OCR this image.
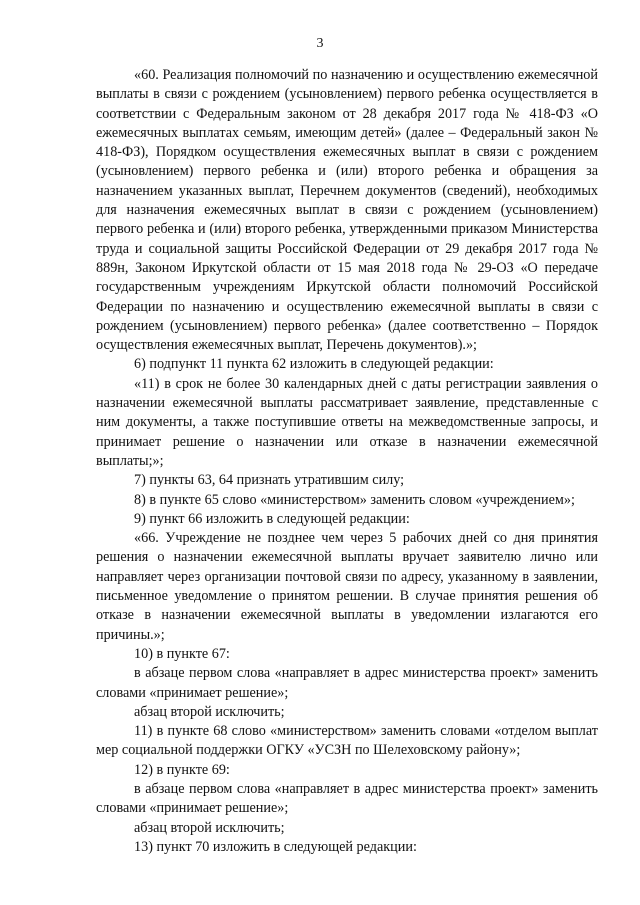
3

«60. Реализация полномочий по назначению и осуществлению ежемесячной выплаты в связи с рождением (усыновлением) первого ребенка осуществляется в соответствии с Федеральным законом от 28 декабря 2017 года № 418-ФЗ «О ежемесячных выплатах семьям, имеющим детей» (далее – Федеральный закон № 418-ФЗ), Порядком осуществления ежемесячных выплат в связи с рождением (усыновлением) первого ребенка и (или) второго ребенка и обращения за назначением указанных выплат, Перечнем документов (сведений), необходимых для назначения ежемесячных выплат в связи с рождением (усыновлением) первого ребенка и (или) второго ребенка, утвержденными приказом Министерства труда и социальной защиты Российской Федерации от 29 декабря 2017 года № 889н, Законом Иркутской области от 15 мая 2018 года № 29-ОЗ «О передаче государственным учреждениям Иркутской области полномочий Российской Федерации по назначению и осуществлению ежемесячной выплаты в связи с рождением (усыновлением) первого ребенка» (далее соответственно – Порядок осуществления ежемесячных выплат, Перечень документов).»;

6) подпункт 11 пункта 62 изложить в следующей редакции:

«11) в срок не более 30 календарных дней с даты регистрации заявления о назначении ежемесячной выплаты рассматривает заявление, представленные с ним документы, а также поступившие ответы на межведомственные запросы, и принимает решение о назначении или отказе в назначении ежемесячной выплаты;»;

7) пункты 63, 64 признать утратившим силу;

8) в пункте 65 слово «министерством» заменить словом «учреждением»;

9) пункт 66 изложить в следующей редакции:

«66. Учреждение не позднее чем через 5 рабочих дней со дня принятия решения о назначении ежемесячной выплаты вручает заявителю лично или направляет через организации почтовой связи по адресу, указанному в заявлении, письменное уведомление о принятом решении. В случае принятия решения об отказе в назначении ежемесячной выплаты в уведомлении излагаются его причины.»;

10) в пункте 67:

в абзаце первом слова «направляет в адрес министерства проект» заменить словами «принимает решение»;

абзац второй исключить;

11) в пункте 68 слово «министерством» заменить словами «отделом выплат мер социальной поддержки ОГКУ «УСЗН по Шелеховскому району»;

12) в пункте 69:

в абзаце первом слова «направляет в адрес министерства проект» заменить словами «принимает решение»;

абзац второй исключить;

13) пункт 70 изложить в следующей редакции:
